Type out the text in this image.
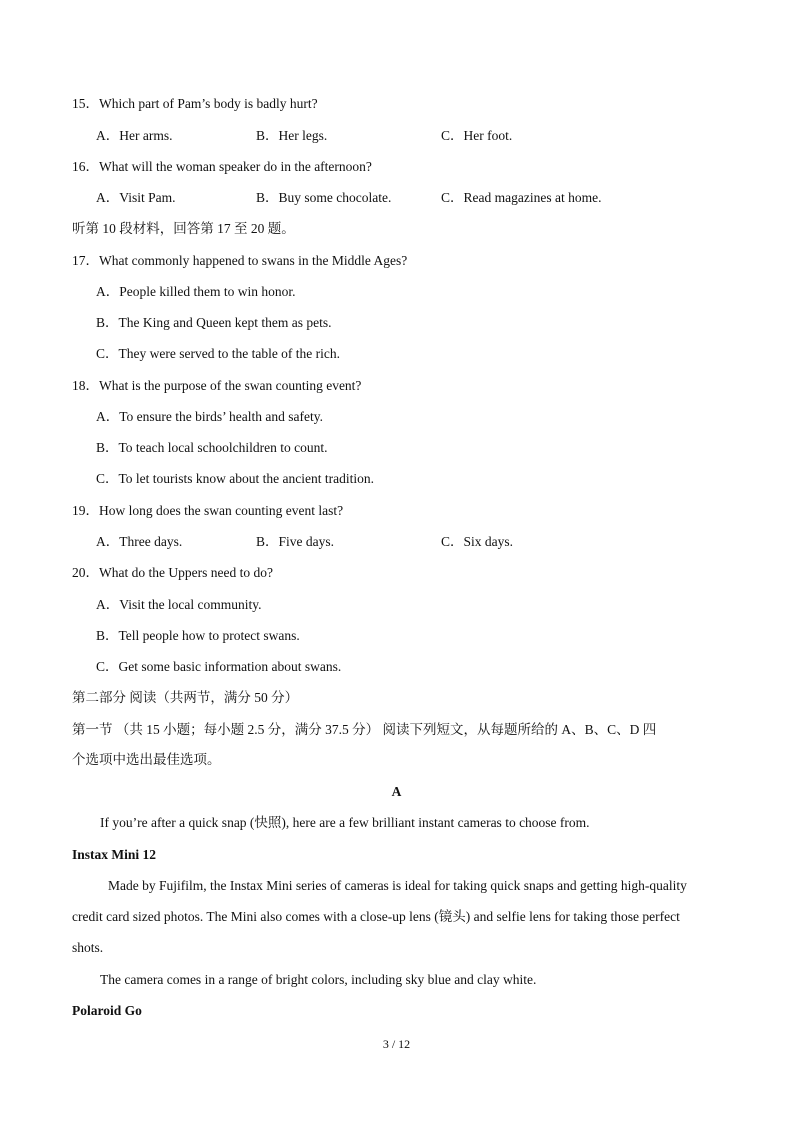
15．Which part of Pam’s body is badly hurt?
A．Her arms.	B．Her legs.	C．Her foot.
16．What will the woman speaker do in the afternoon?
A．Visit Pam.	B．Buy some chocolate.	C．Read magazines at home.
听第 10 段材料，回答第 17 至 20 题。
17．What commonly happened to swans in the Middle Ages?
A．People killed them to win honor.
B．The King and Queen kept them as pets.
C．They were served to the table of the rich.
18．What is the purpose of the swan counting event?
A．To ensure the birds’ health and safety.
B．To teach local schoolchildren to count.
C．To let tourists know about the ancient tradition.
19．How long does the swan counting event last?
A．Three days.	B．Five days.	C．Six days.
20．What do the Uppers need to do?
A．Visit the local community.
B．Tell people how to protect swans.
C．Get some basic information about swans.
第二部分 阅读（共两节，满分 50 分）
第一节 （共 15 小题；每小题 2.5 分，满分 37.5 分） 阅读下列短文，从每题所给的 A、B、C、D 四
个选项中选出最佳选项。
A
If you’re after a quick snap (快照), here are a few brilliant instant cameras to choose from.
Instax Mini 12
Made by Fujifilm, the Instax Mini series of cameras is ideal for taking quick snaps and getting high-quality
credit card sized photos. The Mini also comes with a close-up lens (镜头) and selfie lens for taking those perfect
shots.
The camera comes in a range of bright colors, including sky blue and clay white.
Polaroid Go
3 / 12
